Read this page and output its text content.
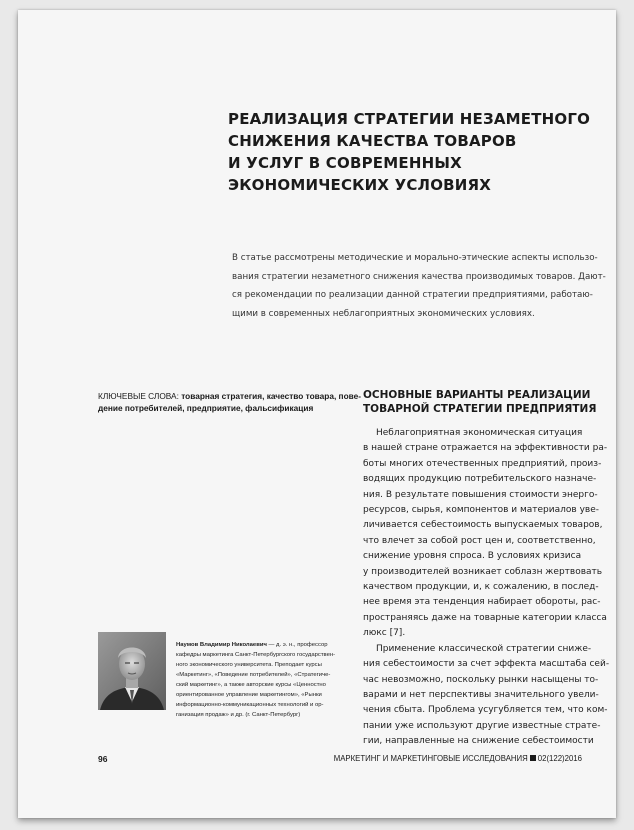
РЕАЛИЗАЦИЯ СТРАТЕГИИ НЕЗАМЕТНОГО
СНИЖЕНИЯ КАЧЕСТВА ТОВАРОВ
И УСЛУГ В СОВРЕМЕННЫХ
ЭКОНОМИЧЕСКИХ УСЛОВИЯХ
В статье рассмотрены методические и морально-этические аспекты использо-
вания стратегии незаметного снижения качества производимых товаров. Дают-
ся рекомендации по реализации данной стратегии предприятиями, работаю-
щими в современных неблагоприятных экономических условиях.
КЛЮЧЕВЫЕ СЛОВА: товарная стратегия, качество товара, пове-
дение потребителей, предприятие, фальсификация
ОСНОВНЫЕ ВАРИАНТЫ РЕАЛИЗАЦИИ
ТОВАРНОЙ СТРАТЕГИИ ПРЕДПРИЯТИЯ
Неблагоприятная экономическая ситуация
в нашей стране отражается на эффективности ра-
боты многих отечественных предприятий, произ-
водящих продукцию потребительского назначе-
ния. В результате повышения стоимости энерго-
ресурсов, сырья, компонентов и материалов уве-
личивается себестоимость выпускаемых товаров,
что влечет за собой рост цен и, соответственно,
снижение уровня спроса. В условиях кризиса
у производителей возникает соблазн жертвовать
качеством продукции, и, к сожалению, в послед-
нее время эта тенденция набирает обороты, рас-
пространяясь даже на товарные категории класса
люкс [7].
Применение классической стратегии сниже-
ния себестоимости за счет эффекта масштаба сей-
час невозможно, поскольку рынки насыщены то-
варами и нет перспективы значительного увели-
чения сбыта. Проблема усугубляется тем, что ком-
пании уже используют другие известные страте-
гии, направленные на снижение себестоимости
Наумов Владимир Николаевич — д. э. н., профессор
кафедры маркетинга Санкт-Петербургского государствен-
ного экономического университета. Преподает курсы
«Маркетинг», «Поведение потребителей», «Стратегиче-
ский маркетинг», а также авторские курсы «Ценностно
ориентированное управление маркетингом», «Рынки
информационно-коммуникационных технологий и ор-
ганизация продаж» и др. (г. Санкт-Петербург)
96	МАРКЕТИНГ И МАРКЕТИНГОВЫЕ ИССЛЕДОВАНИЯ 02(122)2016
